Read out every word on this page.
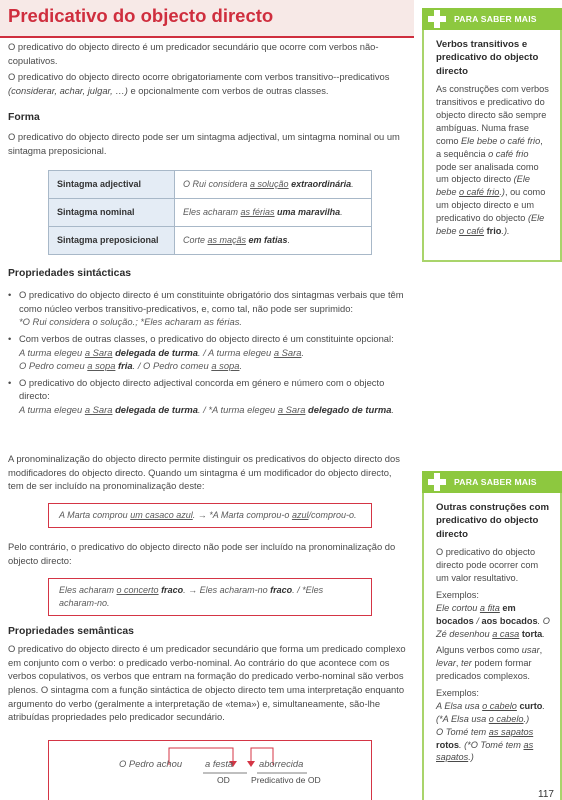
Predicativo do objecto directo

O predicativo do objecto directo é um predicador secundário que ocorre com verbos não-copulativos.

O predicativo do objecto directo ocorre obrigatoriamente com verbos transitivo--predicativos (considerar, achar, julgar, …) e opcionalmente com verbos de outras classes.

Forma

O predicativo do objecto directo pode ser um sintagma adjectival, um sintagma nominal ou um sintagma preposicional.

Sintagma adjectival	O Rui considera a solução extraordinária.
Sintagma nominal	Eles acharam as férias uma maravilha.
Sintagma preposicional	Corte as maçãs em fatias.
Propriedades sintácticas
• O predicativo do objecto directo é um constituinte obrigatório dos sintagmas verbais que têm como núcleo verbos transitivo-predicativos, e, como tal, não pode ser suprimido:
*O Rui considera o solução.; *Eles acharam as férias.
• Com verbos de outras classes, o predicativo do objecto directo é um constituinte opcional:
A turma elegeu a Sara delegada de turma. / A turma elegeu a Sara.
O Pedro comeu a sopa fria. / O Pedro comeu a sopa.
• O predicativo do objecto directo adjectival concorda em género e número com o objecto directo:
A turma elegeu a Sara delegada de turma. / *A turma elegeu a Sara delegado de turma.

A pronominalização do objecto directo permite distinguir os predicativos do objecto directo dos modificadores do objecto directo. Quando um sintagma é um modificador do objecto directo, tem de ser incluído na pronominalização deste:

A Marta comprou um casaco azul. → *A Marta comprou-o azul/comprou-o.

Pelo contrário, o predicativo do objecto directo não pode ser incluído na pronominalização do objecto directo:

Eles acharam o concerto fraco. → Eles acharam-no fraco. / *Eles acharam-no.
Propriedades semânticas

O predicativo do objecto directo é um predicador secundário que forma um predicado complexo em conjunto com o verbo: o predicado verbo-nominal. Ao contrário do que acontece com os verbos copulativos, os verbos que entram na formação do predicado verbo-nominal são verbos plenos. O sintagma com a função sintáctica de objecto directo tem uma interpretação enquanto argumento do verbo (geralmente a interpretação de «tema») e, simultaneamente, são-lhe atribuídas propriedades pelo predicador secundário.

O Pedro achou a festa	aborrecida
OD Predicativo de OD
PARA SABER MAIS
Verbos transitivos e predicativo do objecto directo

As construções com verbos transitivos e predicativo do objecto directo são sempre ambíguas. Numa frase como Ele bebe o café frio, a sequência o café frio pode ser analisada como um objecto directo (Ele bebe o café frio.), ou como um objecto directo e um predicativo do objecto (Ele bebe o café frio.).

PARA SABER MAIS
Outras construções com predicativo do objecto directo

O predicativo do objecto directo pode ocorrer com um valor resultativo.

Exemplos:
Ele cortou a fita em bocados / aos bocados. O Zé desenhou a casa torta.

Alguns verbos como usar, levar, ter podem formar predicados complexos.

Exemplos:
A Elsa usa o cabelo curto. (*A Elsa usa o cabelo.)
O Tomé tem as sapatos rotos. (*O Tomé tem as sapatos.)

117
